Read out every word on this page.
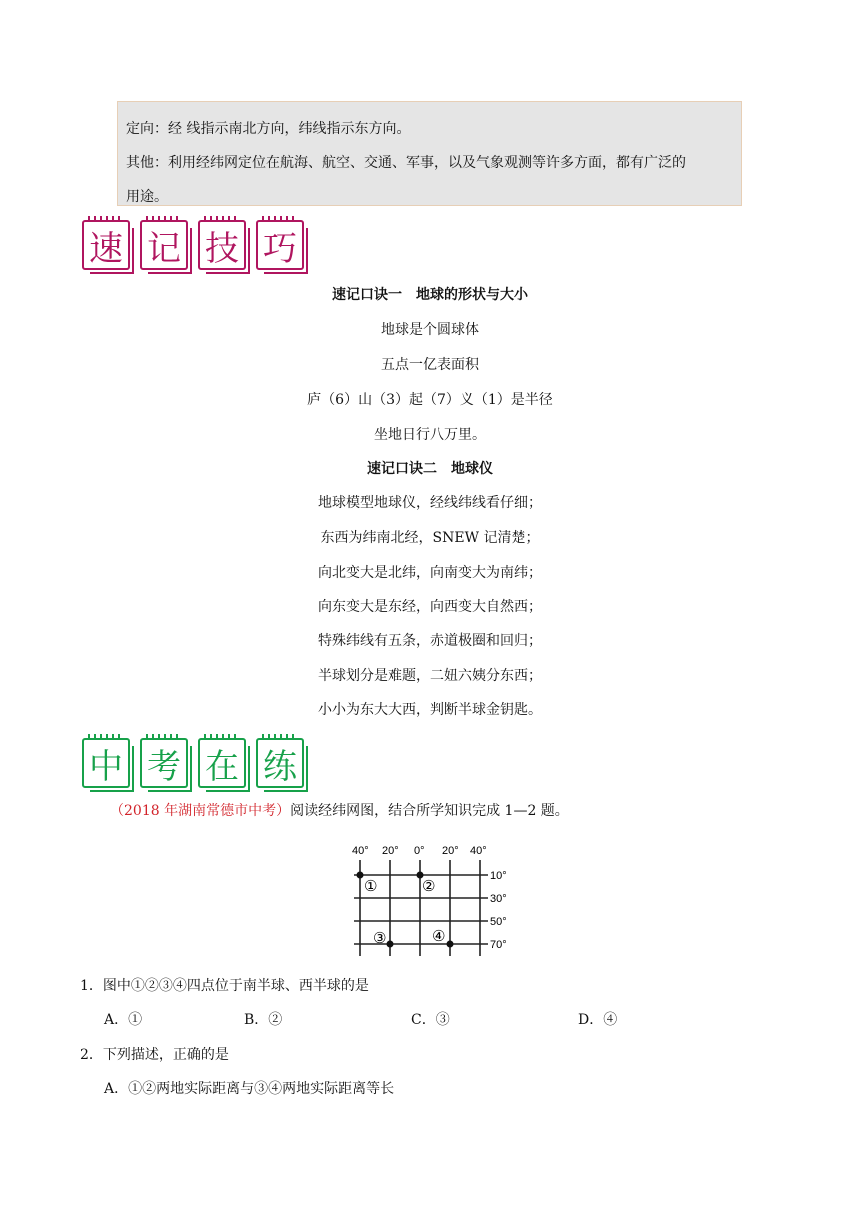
定向：经 线指示南北方向，纬线指示东方向。

其他：利用经纬网定位在航海、航空、交通、军事，以及气象观测等许多方面，都有广泛的

用途。

速 记 技 巧
速记口诀一　地球的形状与大小
地球是个圆球体
五点一亿表面积
庐（6）山（3）起（7）义（1）是半径
坐地日行八万里。
速记口诀二　地球仪
地球模型地球仪，经线纬线看仔细；
东西为纬南北经，SNEW 记清楚；
向北变大是北纬，向南变大为南纬；
向东变大是东经，向西变大自然西；
特殊纬线有五条，赤道极圈和回归；
半球划分是难题，二妞六姨分东西；
小小为东大大西，判断半球金钥匙。
中 考 在 练
（2018 年湖南常德市中考）阅读经纬网图，结合所学知识完成 1—2 题。
40° 20° 0° 20° 40°
10°
30°
50°
70°
①	②
③	④
1．图中①②③④四点位于南半球、西半球的是
A．①	B．②	C．③	D．④
2．下列描述，正确的是
A．①②两地实际距离与③④两地实际距离等长
